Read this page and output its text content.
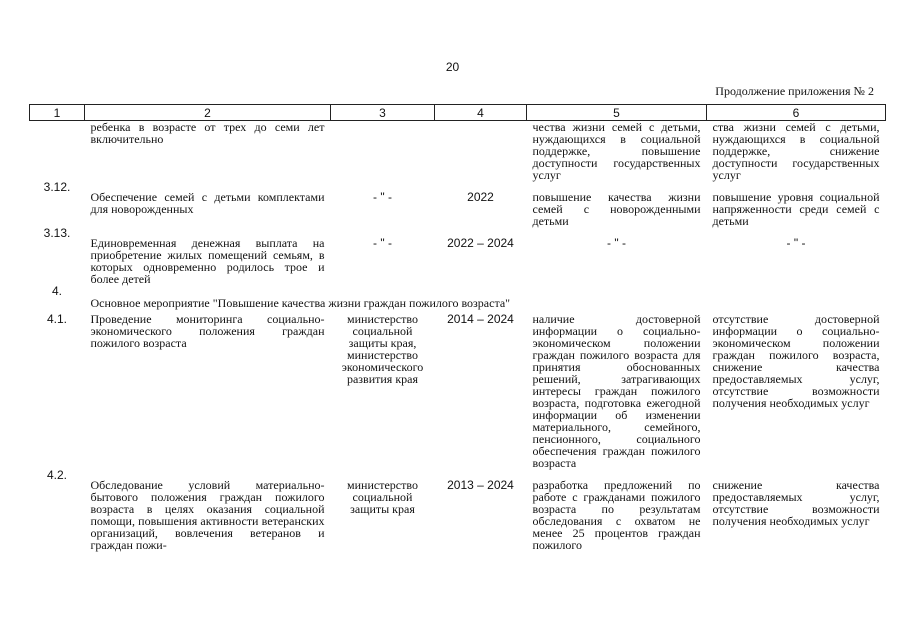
20
Продолжение приложения № 2
1	2	3	4	5	6
	ребенка в возрасте от трех до семи лет включительно			чества жизни семей с детьми, нуждающихся в социальной поддержке, повышение доступности государственных услуг	ства жизни семей с детьми, нуждающихся в социальной поддержке, снижение доступности государственных услуг
3.12.	Обеспечение семей с детьми комплектами для новорожденных	- " -	2022	повышение качества жизни семей с новорожденными детьми	повышение уровня социальной напряженности среди семей с детьми
3.13.	Единовременная денежная выплата на приобретение жилых помещений семьям, в которых одновременно родилось трое и более детей	- " -	2022 – 2024	- " -	- " -
4.	Основное мероприятие "Повышение качества жизни граждан пожилого возраста"				
4.1.	Проведение мониторинга социально-экономического положения граждан пожилого возраста	министерство социальной защиты края, министерство экономического развития края	2014 – 2024	наличие достоверной информации о социально-экономическом положении граждан пожилого возраста для принятия обоснованных решений, затрагивающих интересы граждан пожилого возраста, подготовка ежегодной информации об изменении материального, семейного, пенсионного, социального обеспечения граждан пожилого возраста	отсутствие достоверной информации о социально-экономическом положении граждан пожилого возраста, снижение качества предоставляемых услуг, отсутствие возможности получения необходимых услуг
4.2.	Обследование условий материально-бытового положения граждан пожилого возраста в целях оказания социальной помощи, повышения активности ветеранских организаций, вовлечения ветеранов и граждан пожи-	министерство социальной защиты края	2013 – 2024	разработка предложений по работе с гражданами пожилого возраста по результатам обследования с охватом не менее 25 процентов граждан пожилого	снижение качества предоставляемых услуг, отсутствие возможности получения необходимых услуг
